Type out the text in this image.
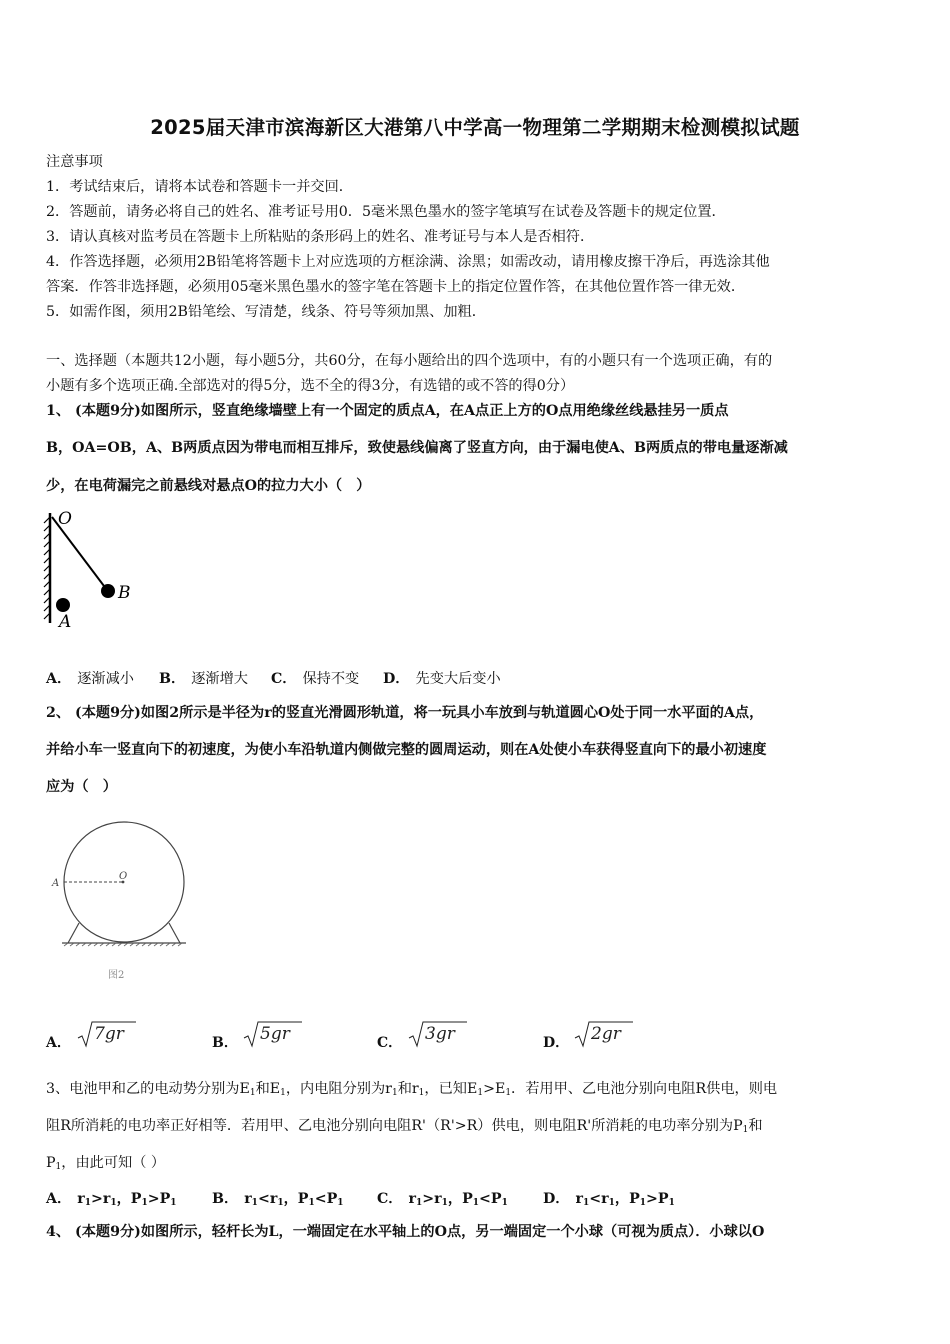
2025届天津市滨海新区大港第八中学高一物理第二学期期末检测模拟试题
注意事项
1．考试结束后，请将本试卷和答题卡一并交回．
2．答题前，请务必将自己的姓名、准考证号用0．5毫米黑色墨水的签字笔填写在试卷及答题卡的规定位置．
3．请认真核对监考员在答题卡上所粘贴的条形码上的姓名、准考证号与本人是否相符．
4．作答选择题，必须用2B铅笔将答题卡上对应选项的方框涂满、涂黑；如需改动，请用橡皮擦干净后，再选涂其他
答案．作答非选择题，必须用05毫米黑色墨水的签字笔在答题卡上的指定位置作答，在其他位置作答一律无效．
5．如需作图，须用2B铅笔绘、写清楚，线条、符号等须加黑、加粗．
一、选择题（本题共12小题，每小题5分，共60分，在每小题给出的四个选项中，有的小题只有一个选项正确，有的
小题有多个选项正确.全部选对的得5分，选不全的得3分，有选错的或不答的得0分）
1、 (本题9分)如图所示，竖直绝缘墙壁上有一个固定的质点A，在A点正上方的O点用绝缘丝线悬挂另一质点
B，OA=OB，A、B两质点因为带电而相互排斥，致使悬线偏离了竖直方向，由于漏电使A、B两质点的带电量逐渐减
少，在电荷漏完之前悬线对悬点O的拉力大小（　）
O
B
A
A． 逐渐减小 B． 逐渐增大 C． 保持不变 D． 先变大后变小
2、 (本题9分)如图2所示是半径为r的竖直光滑圆形轨道，将一玩具小车放到与轨道圆心O处于同一水平面的A点，
并给小车一竖直向下的初速度，为使小车沿轨道内侧做完整的圆周运动，则在A处使小车获得竖直向下的最小初速度
应为（　）
A
O
图2
A． 7gr	B． 5gr	C． 3gr	D． 2gr
3、电池甲和乙的电动势分别为$E_1$和$E_1$，内电阻分别为$r_1$和$r_1$，已知$E_1>E_1$．若用甲、乙电池分别向电阻R供电，则电
阻R所消耗的电功率正好相等．若用甲、乙电池分别向电阻R'（R'>R）供电，则电阻R'所消耗的电功率分别为$P_1$和
$P_1$，由此可知（ ）
A． $r_1>r_1$，$P_1>P_1$ B． $r_1<r_1$，$P_1<P_1$ C． $r_1>r_1$，$P_1<P_1$ D． $r_1<r_1$，$P_1>P_1$
4、 (本题9分)如图所示，轻杆长为L，一端固定在水平轴上的O点，另一端固定一个小球（可视为质点）．小球以O
